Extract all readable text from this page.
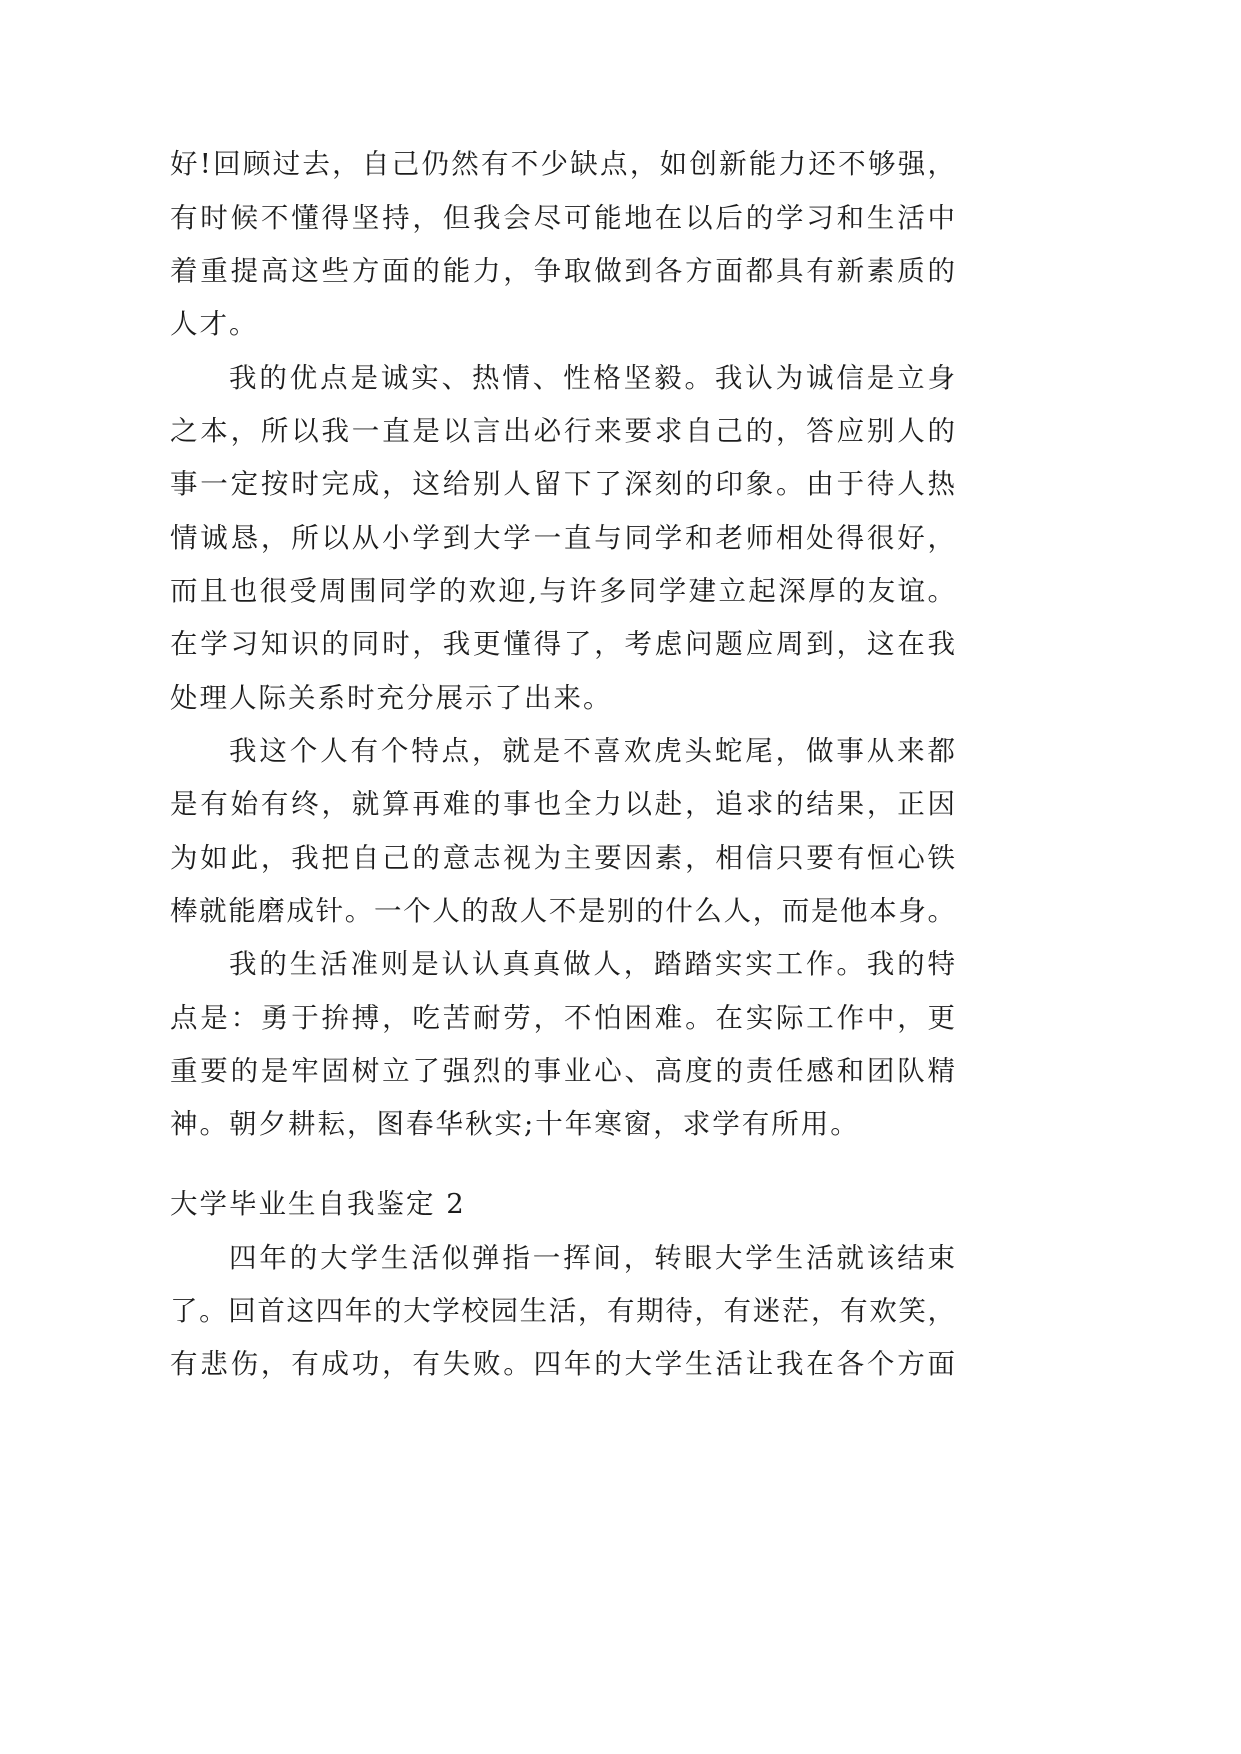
好!回顾过去，自己仍然有不少缺点，如创新能力还不够强，
有时候不懂得坚持，但我会尽可能地在以后的学习和生活中
着重提高这些方面的能力，争取做到各方面都具有新素质的
人才。
我的优点是诚实、热情、性格坚毅。我认为诚信是立身
之本，所以我一直是以言出必行来要求自己的，答应别人的
事一定按时完成，这给别人留下了深刻的印象。由于待人热
情诚恳，所以从小学到大学一直与同学和老师相处得很好，
而且也很受周围同学的欢迎,与许多同学建立起深厚的友谊。
在学习知识的同时，我更懂得了，考虑问题应周到，这在我
处理人际关系时充分展示了出来。
我这个人有个特点，就是不喜欢虎头蛇尾，做事从来都
是有始有终，就算再难的事也全力以赴，追求的结果，正因
为如此，我把自己的意志视为主要因素，相信只要有恒心铁
棒就能磨成针。一个人的敌人不是别的什么人，而是他本身。
我的生活准则是认认真真做人，踏踏实实工作。我的特
点是：勇于拚搏，吃苦耐劳，不怕困难。在实际工作中，更
重要的是牢固树立了强烈的事业心、高度的责任感和团队精
神。朝夕耕耘，图春华秋实;十年寒窗，求学有所用。
大学毕业生自我鉴定 2
四年的大学生活似弹指一挥间，转眼大学生活就该结束
了。回首这四年的大学校园生活，有期待，有迷茫，有欢笑，
有悲伤，有成功，有失败。四年的大学生活让我在各个方面
